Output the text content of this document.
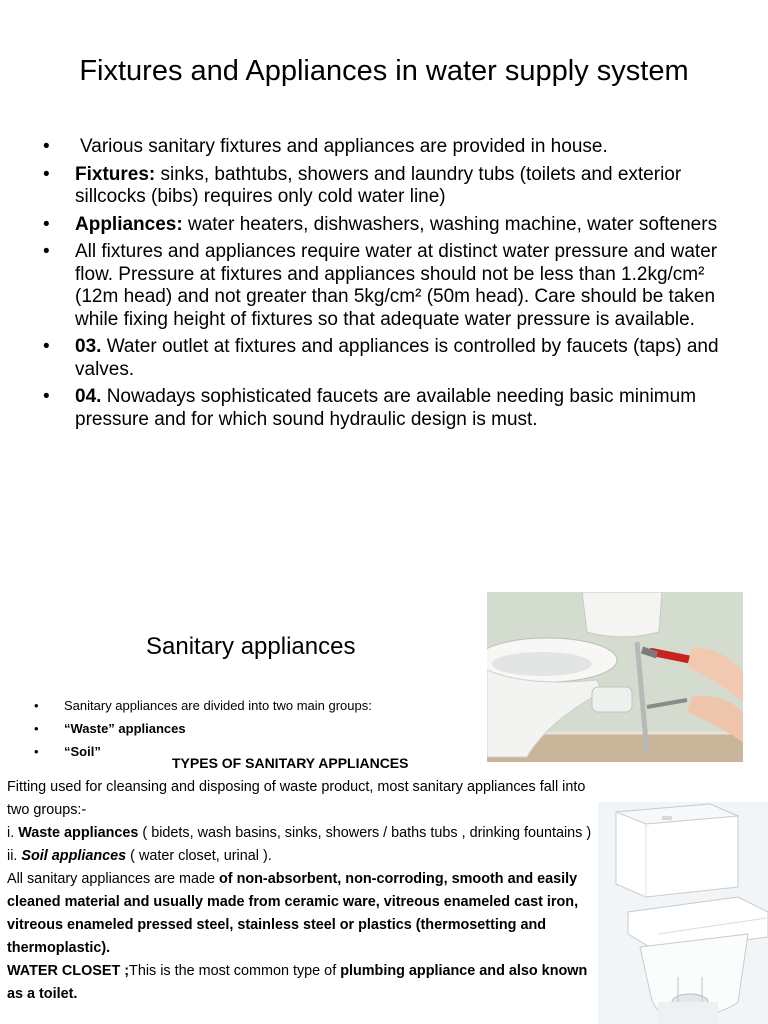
Fixtures and Appliances in water supply system
• Various sanitary fixtures and appliances are provided in house.
• Fixtures: sinks, bathtubs, showers and laundry tubs (toilets and exterior sillcocks (bibs) requires only cold water line)
• Appliances: water heaters, dishwashers, washing machine, water softeners
• All fixtures and appliances require water at distinct water pressure and water flow. Pressure at fixtures and appliances should not be less than 1.2kg/cm² (12m head) and not greater than 5kg/cm² (50m head). Care should be taken while fixing height of fixtures so that adequate water pressure is available.
• 03. Water outlet at fixtures and appliances is controlled by faucets (taps) and valves.
• 04. Nowadays sophisticated faucets are available needing basic minimum pressure and for which sound hydraulic design is must.
Sanitary appliances
• Sanitary appliances are divided into two main groups:
• “Waste” appliances
• “Soil”
TYPES OF SANITARY APPLIANCES

Fitting used for cleansing and disposing of waste product, most sanitary appliances fall into two groups:-

i. Waste appliances ( bidets, wash basins, sinks, showers / baths tubs , drinking fountains )

ii. Soil appliances ( water closet, urinal ).

All sanitary appliances are made of non-absorbent, non-corroding, smooth and easily cleaned material and usually made from ceramic ware, vitreous enameled cast iron, vitreous enameled pressed steel, stainless steel or plastics (thermosetting and thermoplastic).

WATER CLOSET ;This is the most common type of plumbing appliance and also known as a toilet.
